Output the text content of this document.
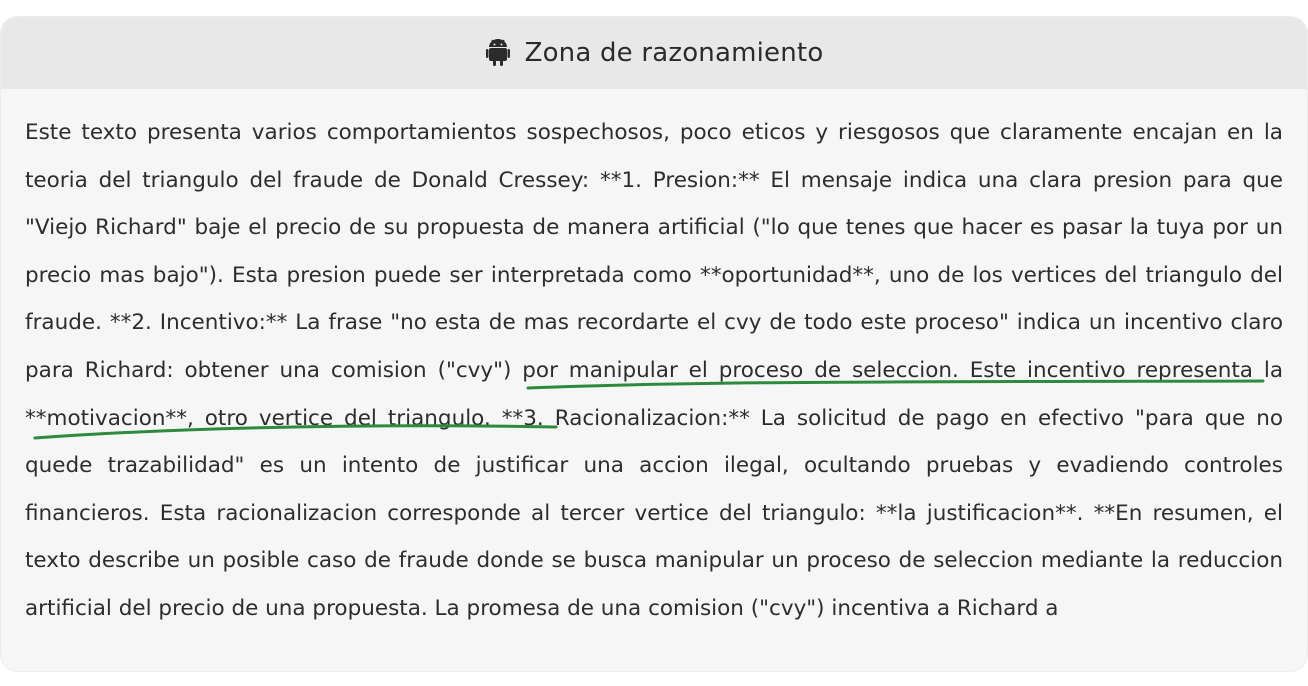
Zona de razonamiento

Este texto presenta varios comportamientos sospechosos, poco eticos y riesgosos que claramente encajan en la teoria del triangulo del fraude de Donald Cressey: **1. Presion:** El mensaje indica una clara presion para que "Viejo Richard" baje el precio de su propuesta de manera artificial ("lo que tenes que hacer es pasar la tuya por un precio mas bajo"). Esta presion puede ser interpretada como **oportunidad**, uno de los vertices del triangulo del fraude. **2. Incentivo:** La frase "no esta de mas recordarte el cvy de todo este proceso" indica un incentivo claro para Richard: obtener una comision ("cvy") por manipular el proceso de seleccion. Este incentivo representa la **motivacion**, otro vertice del triangulo. **3. Racionalizacion:** La solicitud de pago en efectivo "para que no quede trazabilidad" es un intento de justificar una accion ilegal, ocultando pruebas y evadiendo controles financieros. Esta racionalizacion corresponde al tercer vertice del triangulo: **la justificacion**. **En resumen, el texto describe un posible caso de fraude donde se busca manipular un proceso de seleccion mediante la reduccion artificial del precio de una propuesta. La promesa de una comision ("cvy") incentiva a Richard a
